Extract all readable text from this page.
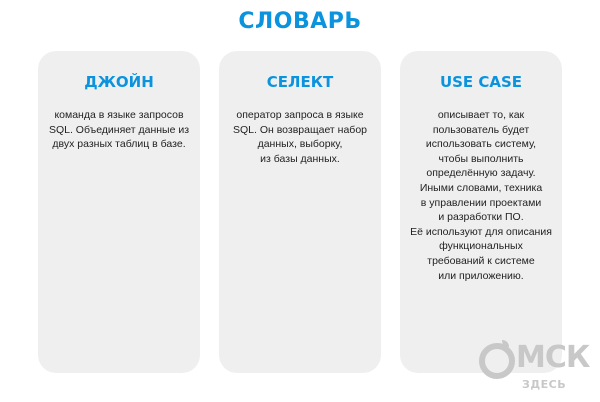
СЛОВАРЬ
ДЖОЙН
команда в языке запросов
SQL. Объединяет данные из
двух разных таблиц в базе.
СЕЛЕКТ
оператор запроса в языке
SQL. Он возвращает набор
данных, выборку,
из базы данных.
USE CASE
описывает то, как
пользователь будет
использовать систему,
чтобы выполнить
определённую задачу.
Иными словами, техника
в управлении проектами
и разработки ПО.
Её используют для описания
функциональных
требований к системе
или приложению.
МСК
ЗДЕСЬ
